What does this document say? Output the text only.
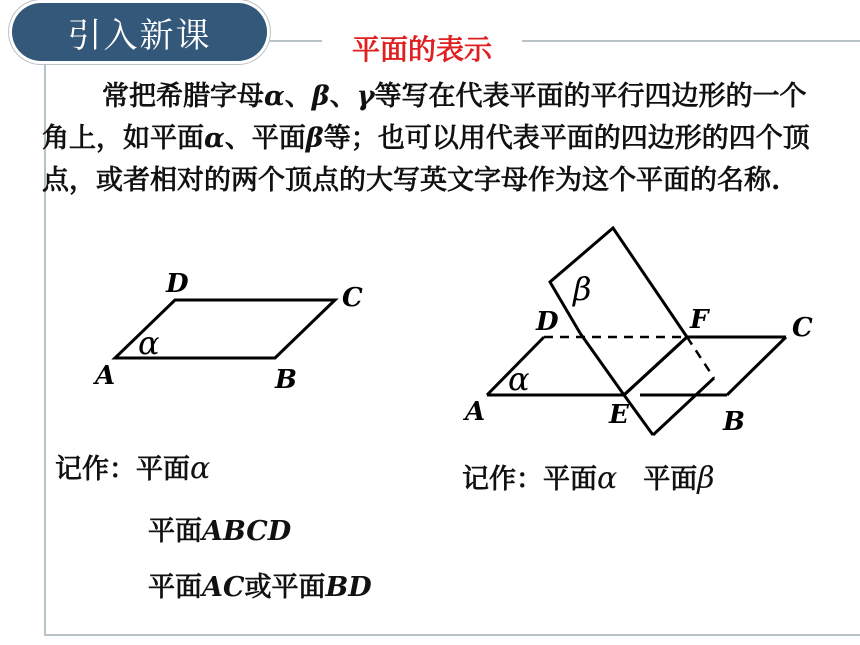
引入新课	平面的表示
常把希腊字母α、β、γ等写在代表平面的平行四边形的一个角上，如平面α、平面β等；也可以用代表平面的四边形的四个顶点，或者相对的两个顶点的大写英文字母作为这个平面的名称.
D	C
A	B
α
β
D	F	C
α
A	E	B
记作：平面α
平面ABCD
平面AC或平面BD
记作：平面α 平面β
